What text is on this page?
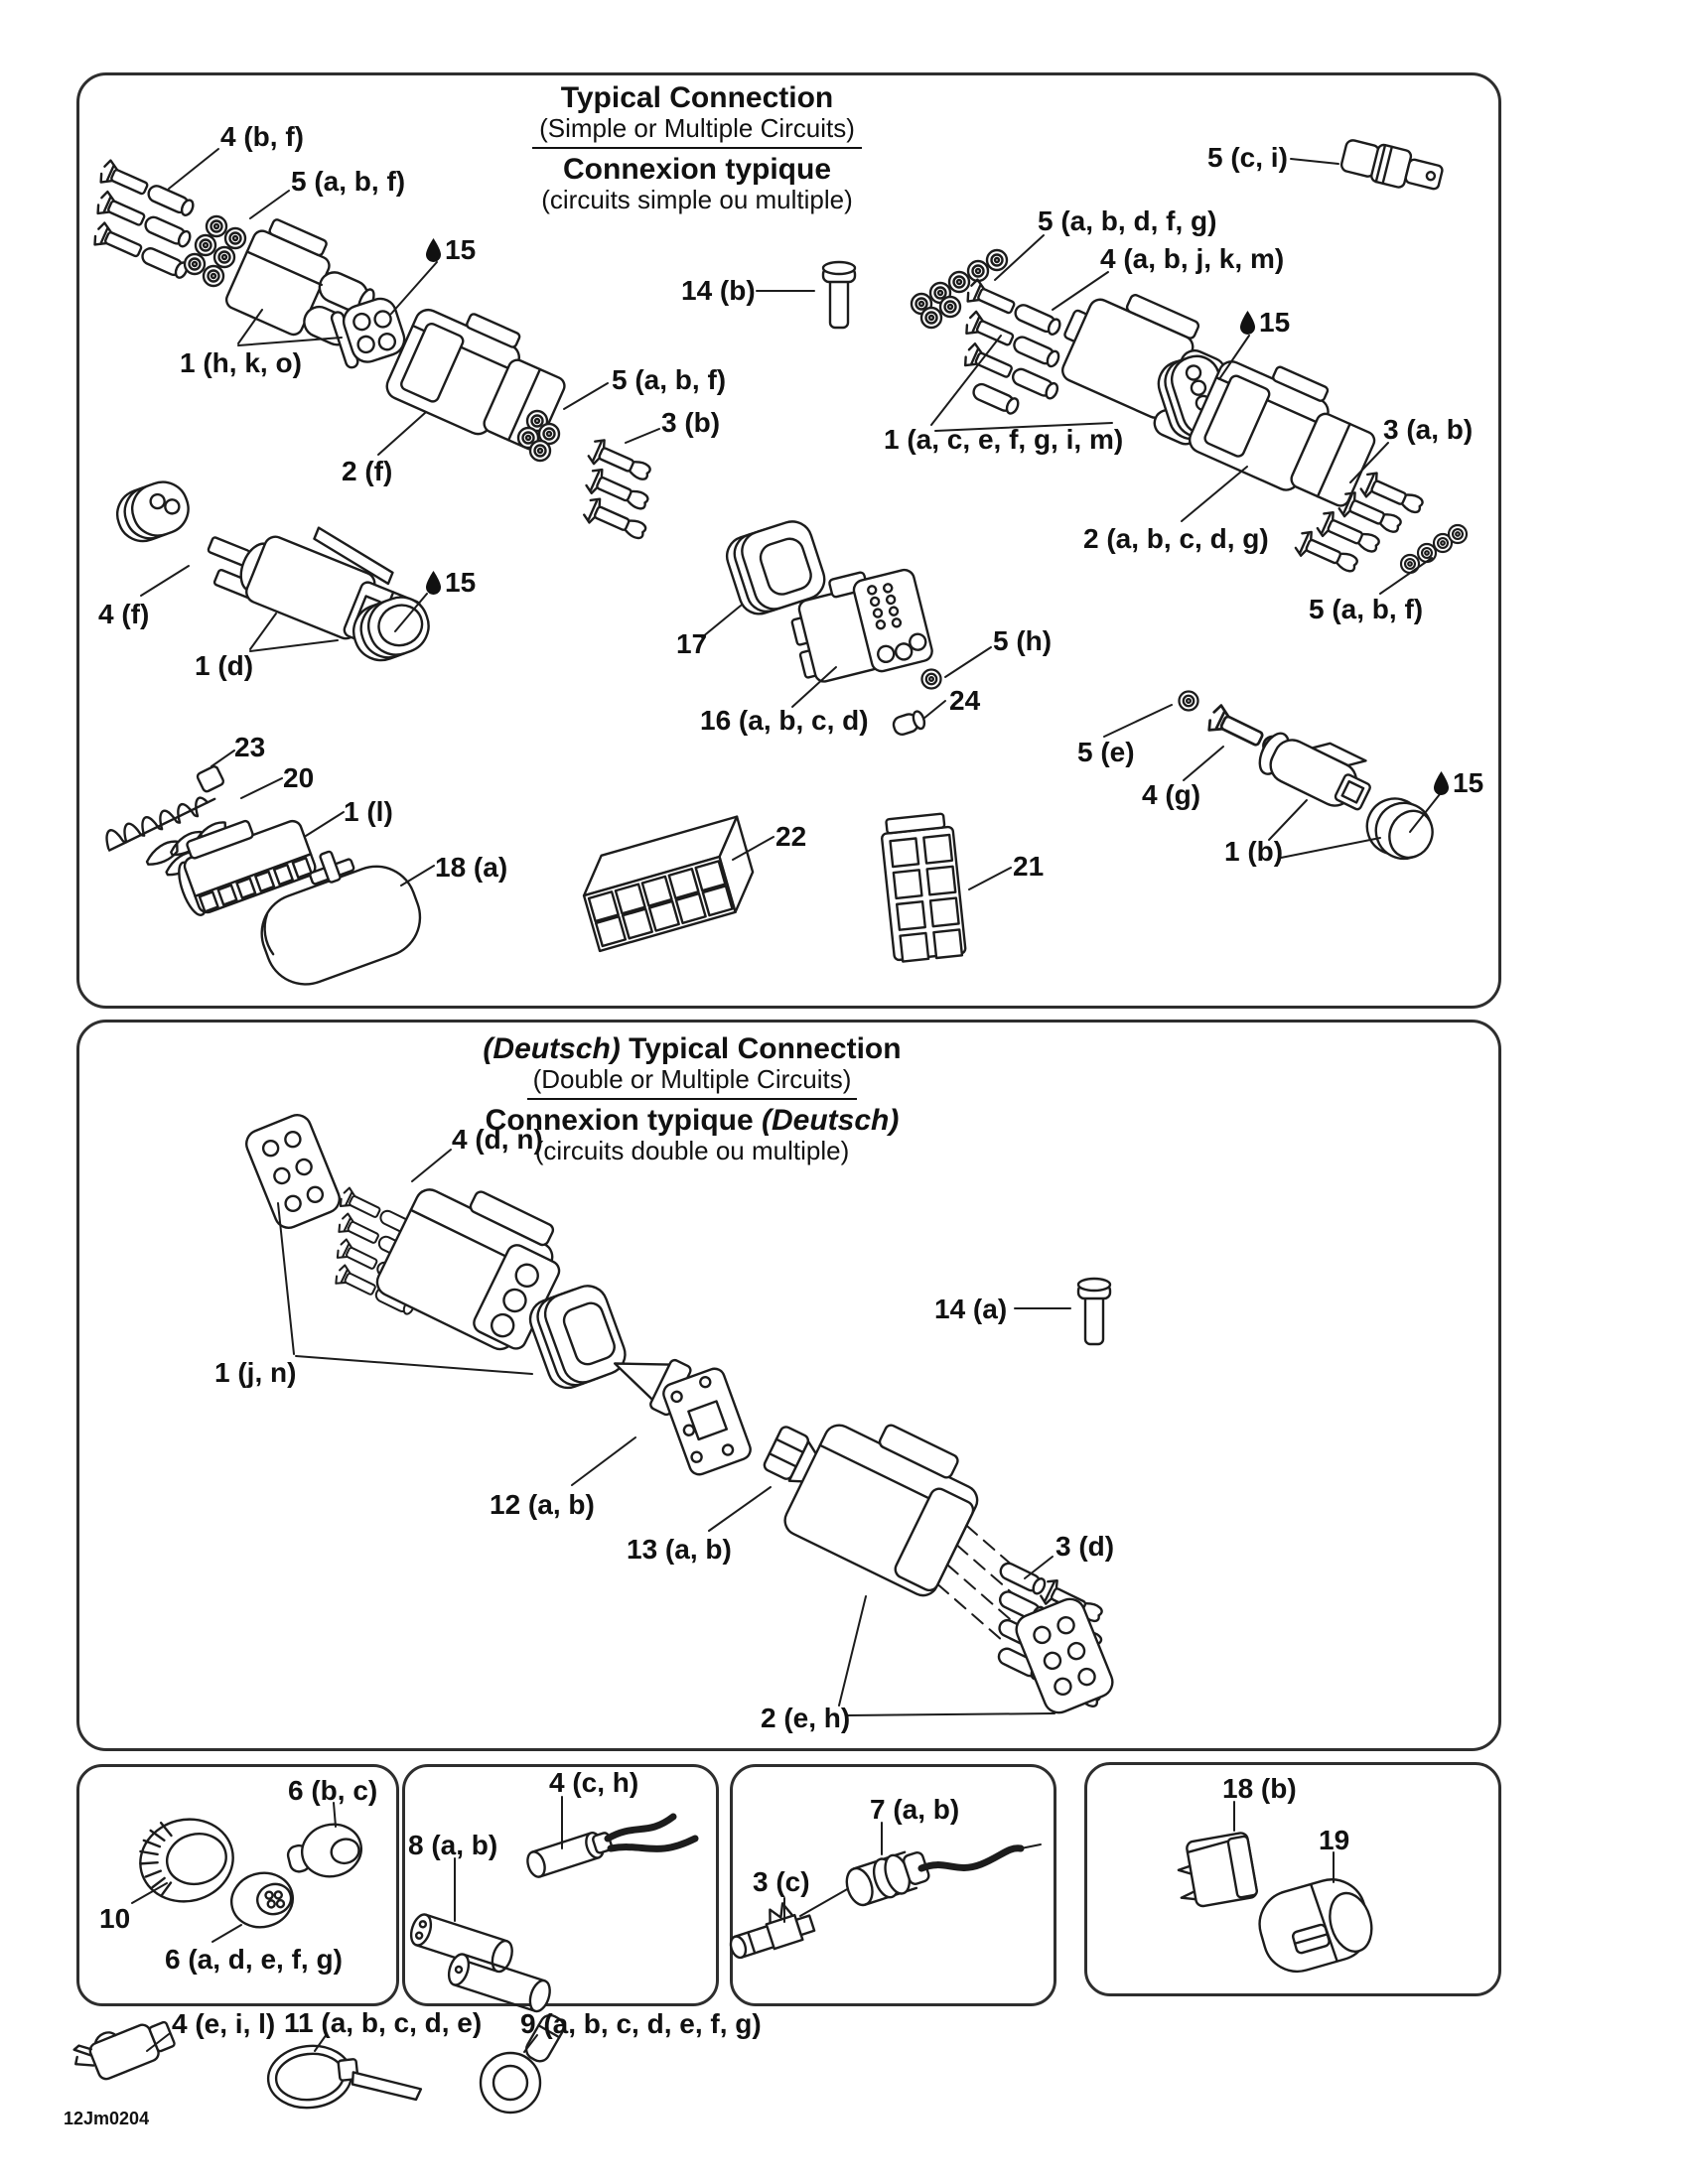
Typical Connection
(Simple or Multiple Circuits)
Connexion typique
(circuits simple ou multiple)
(Deutsch) Typical Connection
(Double or Multiple Circuits)
Connexion typique (Deutsch)
(circuits double ou multiple)
4 (b, f)
5 (a, b, f)
15
1 (h, k, o)
2 (f)
5 (a, b, f)
3 (b)
14 (b)
5 (c, i)
5 (a, b, d, f, g)
4 (a, b, j, k, m)
15
1 (a, c, e, f, g, i, m)	3 (a, b)
2 (a, b, c, d, g)
5 (a, b, f)
4 (f)
15
1 (d)
17
16 (a, b, c, d)
5 (h)
24
5 (e)
4 (g)
1 (b)
15
23
20
1 (l)
18 (a)
22
21
4 (d, n)
1 (j, n)
12 (a, b)
13 (a, b)
14 (a)
3 (d)
2 (e, h)
6 (b, c)
10
6 (a, d, e, f, g)
4 (c, h)
8 (a, b)
7 (a, b)
3 (c)
18 (b)
19
4 (e, i, l) 11 (a, b, c, d, e) 9 (a, b, c, d, e, f, g)
12Jm0204
